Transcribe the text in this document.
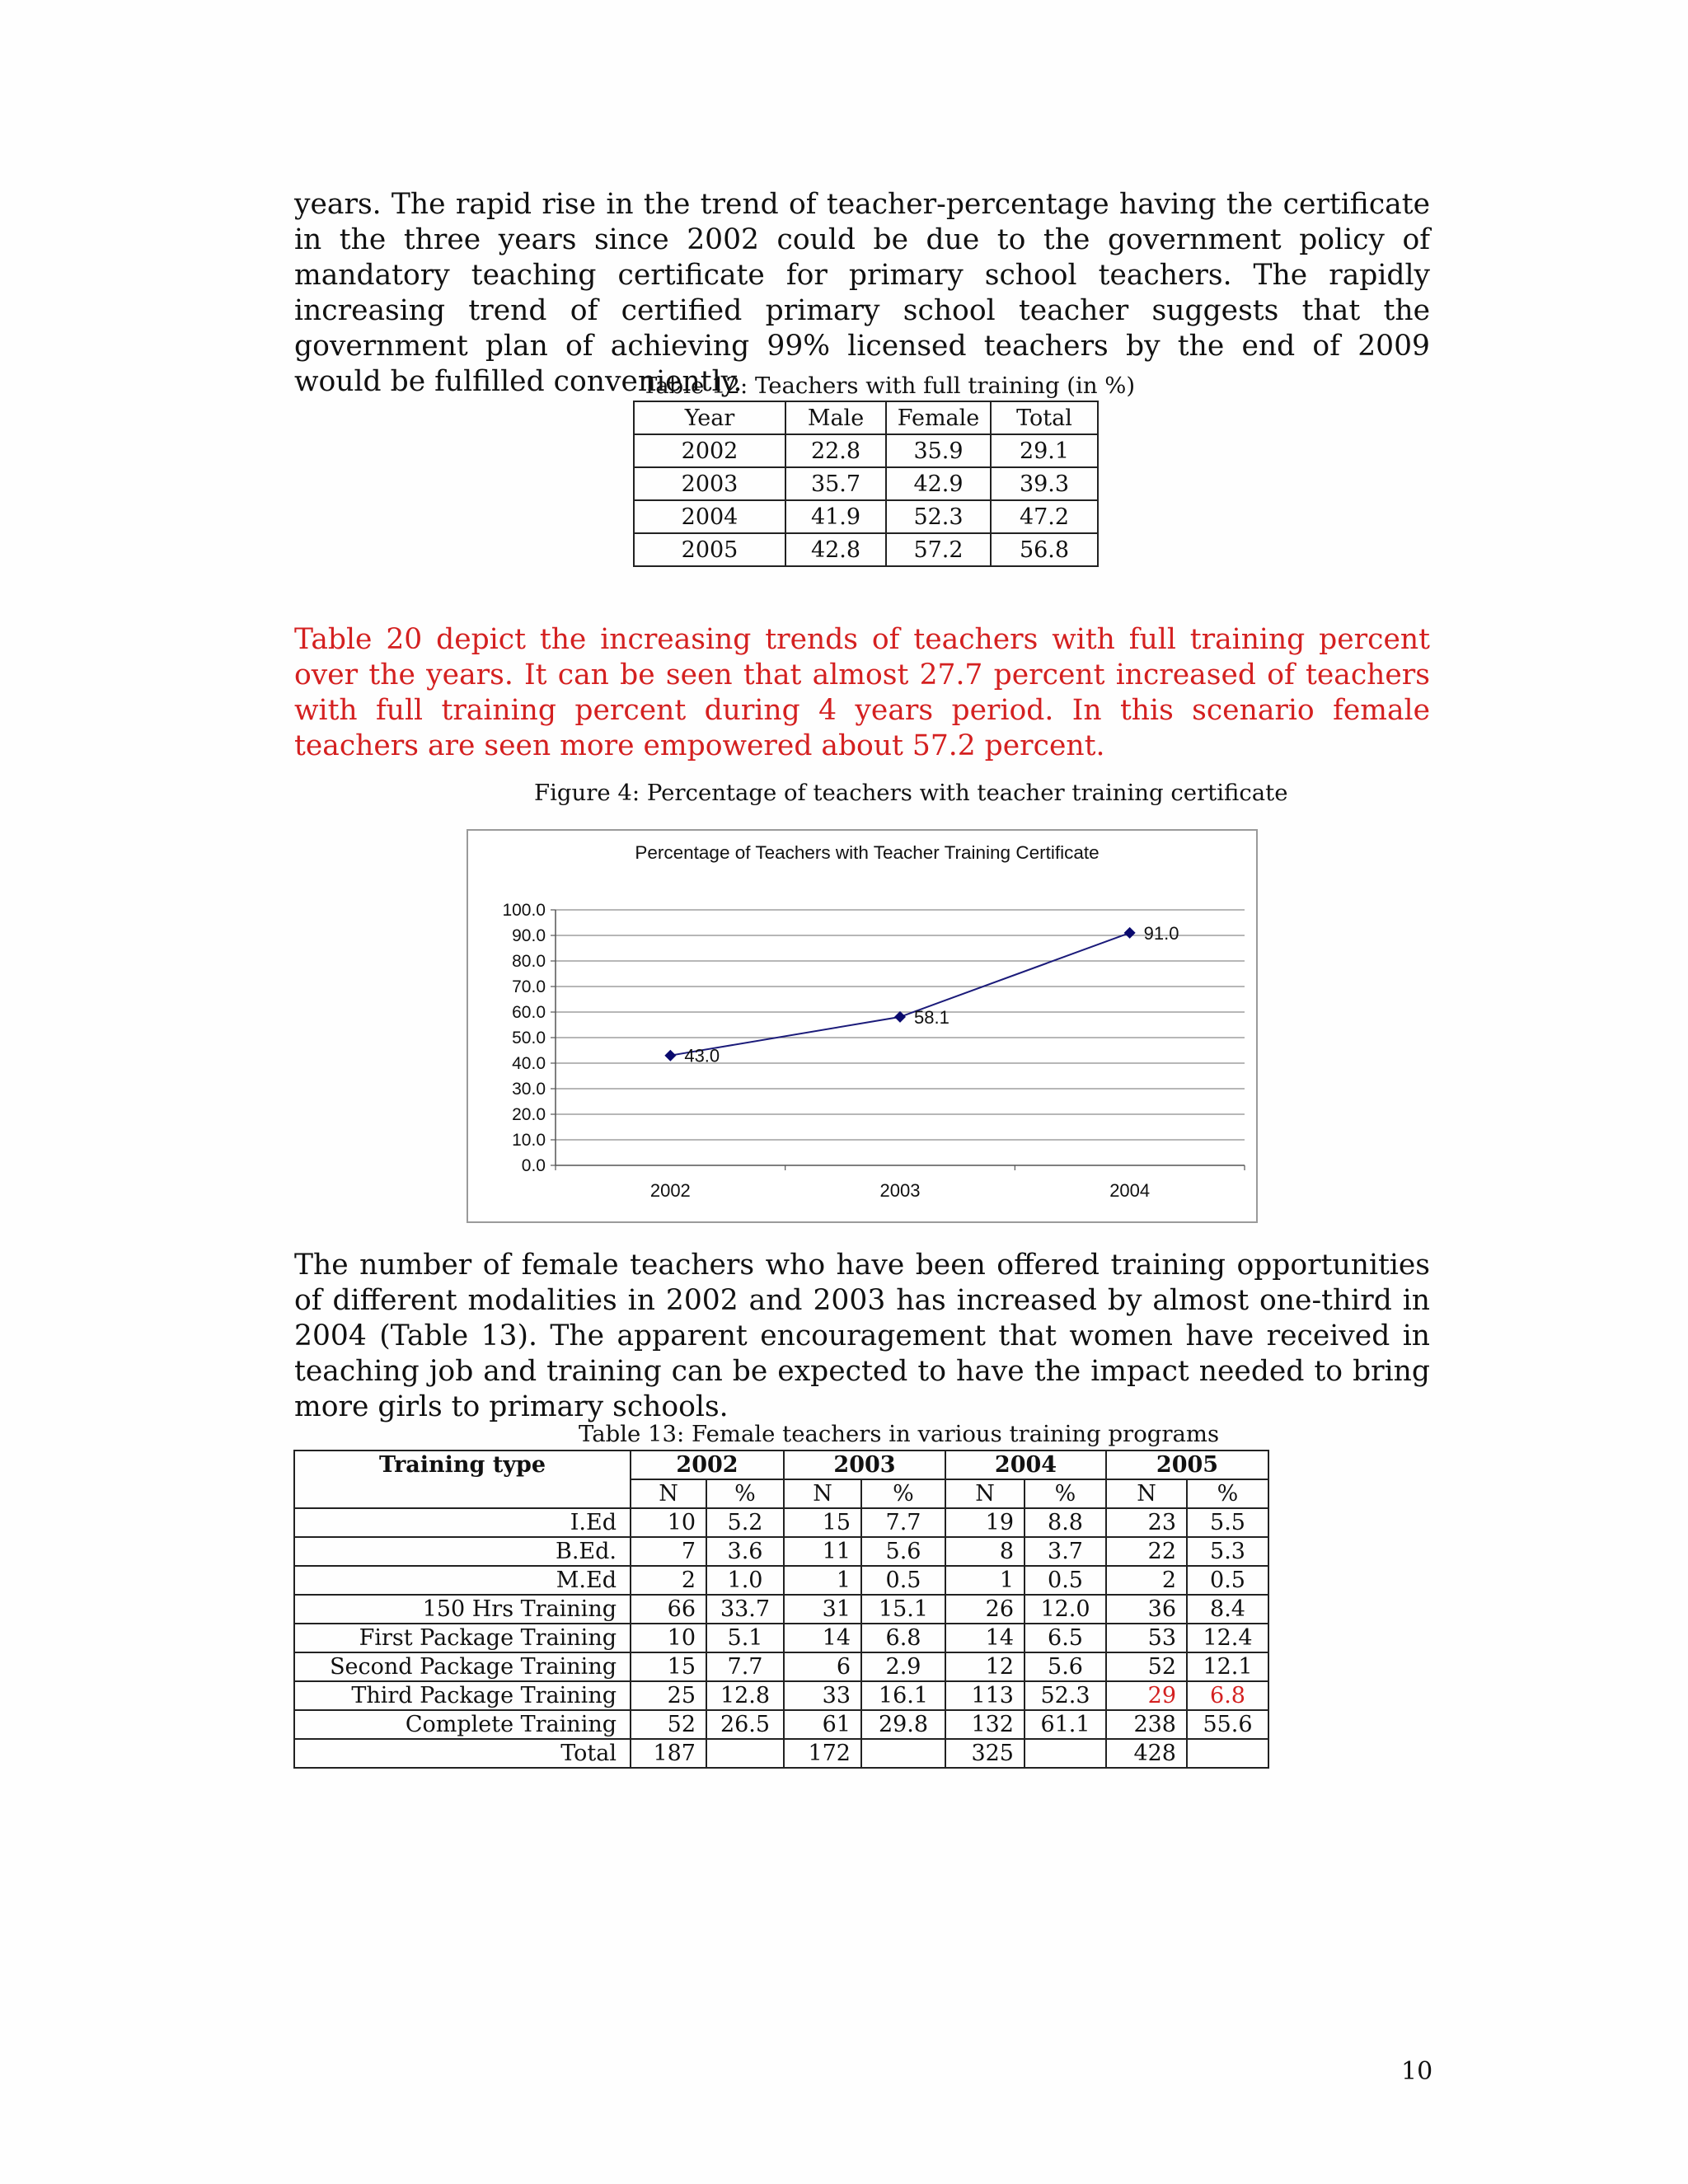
years. The rapid rise in the trend of teacher-percentage having the certificate in the three years since 2002 could be due to the government policy of mandatory teaching certificate for primary school teachers. The rapidly increasing trend of certified primary school teacher suggests that the government plan of achieving 99% licensed teachers by the end of 2009 would be fulfilled conveniently.

Table 12: Teachers with full training (in %)
Year	Male	Female	Total
2002	22.8	35.9	29.1
2003	35.7	42.9	39.3
2004	41.9	52.3	47.2
2005	42.8	57.2	56.8

Table 20 depict the increasing trends of teachers with full training percent over the years. It can be seen that almost 27.7 percent increased of teachers with full training percent during 4 years period. In this scenario female teachers are seen more empowered about 57.2 percent.

Figure 4: Percentage of teachers with teacher training certificate
Percentage of Teachers with Teacher Training Certificate
0.0
10.0
20.0
30.0
40.0
50.0
60.0
70.0
80.0
90.0
100.0
2002	2003	2004
43.0
58.1
91.0

The number of female teachers who have been offered training opportunities of different modalities in 2002 and 2003 has increased by almost one-third in 2004 (Table 13). The apparent encouragement that women have received in teaching job and training can be expected to have the impact needed to bring more girls to primary schools.

Table 13: Female teachers in various training programs
Training type	2002		2003		2004		2005	
	N	%	N	%	N	%	N	%
I.Ed	10	5.2	15	7.7	19	8.8	23	5.5
B.Ed.	7	3.6	11	5.6	8	3.7	22	5.3
M.Ed	2	1.0	1	0.5	1	0.5	2	0.5
150 Hrs Training	66	33.7	31	15.1	26	12.0	36	8.4
First Package Training	10	5.1	14	6.8	14	6.5	53	12.4
Second Package Training	15	7.7	6	2.9	12	5.6	52	12.1
Third Package Training	25	12.8	33	16.1	113	52.3	29	6.8
Complete Training	52	26.5	61	29.8	132	61.1	238	55.6
Total	187		172		325		428	
10
